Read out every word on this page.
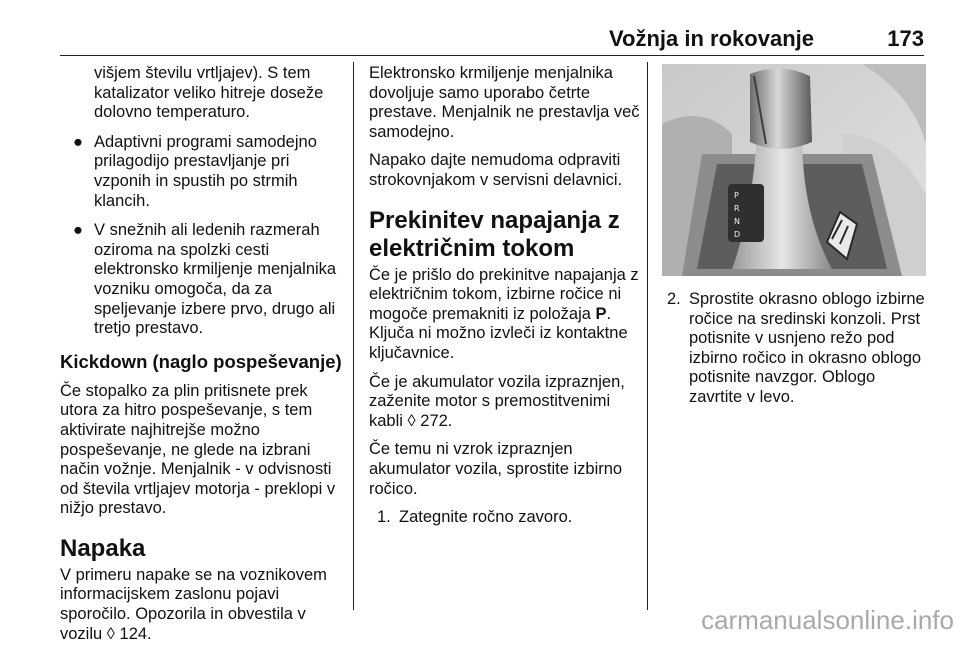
Vožnja in rokovanje	173
višjem številu vrtljajev). S tem katalizator veliko hitreje doseže dolovno temperaturo.
● Adaptivni programi samodejno prilagodijo prestavljanje pri vzponih in spustih po strmih klancih.
● V snežnih ali ledenih razmerah oziroma na spolzki cesti elektronsko krmiljenje menjalnika vozniku omogoča, da za speljevanje izbere prvo, drugo ali tretjo prestavo.
Kickdown (naglo pospeševanje)

Če stopalko za plin pritisnete prek utora za hitro pospeševanje, s tem aktivirate najhitrejše možno pospeševanje, ne glede na izbrani način vožnje. Menjalnik - v odvisnosti od števila vrtljajev motorja - preklopi v nižjo prestavo.

Napaka

V primeru napake se na voznikovem informacijskem zaslonu pojavi sporočilo. Opozorila in obvestila v vozilu ◊ 124.

Elektronsko krmiljenje menjalnika dovoljuje samo uporabo četrte prestave. Menjalnik ne prestavlja več samodejno.

Napako dajte nemudoma odpraviti strokovnjakom v servisni delavnici.

Prekinitev napajanja z električnim tokom

Če je prišlo do prekinitve napajanja z električnim tokom, izbirne ročice ni mogoče premakniti iz položaja P. Ključa ni možno izvleči iz kontaktne ključavnice.

Če je akumulator vozila izpraznjen, zaženite motor s premostitvenimi kabli ◊ 272.

Če temu ni vzrok izpraznjen akumulator vozila, sprostite izbirno ročico.

1. Zategnite ročno zavoro.
P
R
N
D
2. Sprostite okrasno oblogo izbirne ročice na sredinski konzoli. Prst potisnite v usnjeno režo pod izbirno ročico in okrasno oblogo potisnite navzgor. Oblogo zavrtite v levo.
carmanualsonline.info
